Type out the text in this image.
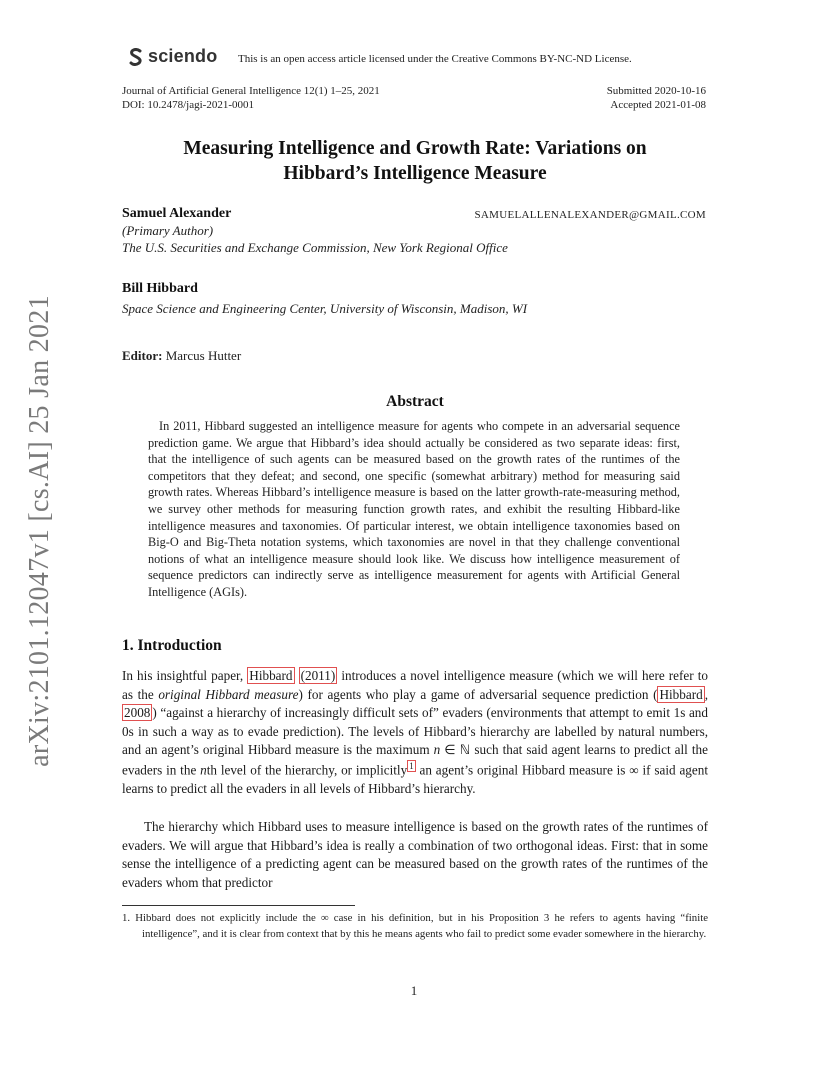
arXiv:2101.12047v1 [cs.AI] 25 Jan 2021
sciendo This is an open access article licensed under the Creative Commons BY-NC-ND License.
Journal of Artificial General Intelligence 12(1) 1–25, 2021
DOI: 10.2478/jagi-2021-0001
Submitted 2020-10-16
Accepted 2021-01-08
Measuring Intelligence and Growth Rate: Variations on
Hibbard’s Intelligence Measure
Samuel Alexander	SAMUELALLENALEXANDER@GMAIL.COM
(Primary Author)
The U.S. Securities and Exchange Commission, New York Regional Office
Bill Hibbard
Space Science and Engineering Center, University of Wisconsin, Madison, WI
Editor: Marcus Hutter
Abstract

In 2011, Hibbard suggested an intelligence measure for agents who compete in an adversarial sequence prediction game. We argue that Hibbard’s idea should actually be considered as two separate ideas: first, that the intelligence of such agents can be measured based on the growth rates of the runtimes of the competitors that they defeat; and second, one specific (somewhat arbitrary) method for measuring said growth rates. Whereas Hibbard’s intelligence measure is based on the latter growth-rate-measuring method, we survey other methods for measuring function growth rates, and exhibit the resulting Hibbard-like intelligence measures and taxonomies. Of particular interest, we obtain intelligence taxonomies based on Big-O and Big-Theta notation systems, which taxonomies are novel in that they challenge conventional notions of what an intelligence measure should look like. We discuss how intelligence measurement of sequence predictors can indirectly serve as intelligence measurement for agents with Artificial General Intelligence (AGIs).

1. Introduction

In his insightful paper, Hibbard (2011) introduces a novel intelligence measure (which we will here refer to as the original Hibbard measure) for agents who play a game of adversarial sequence prediction ( Hibbard , 2008 ) “against a hierarchy of increasingly difficult sets of” evaders (environments that attempt to emit 1s and 0s in such a way as to evade prediction). The levels of Hibbard’s hierarchy are labelled by natural numbers, and an agent’s original Hibbard measure is the maximum n ∈ ℕ such that said agent learns to predict all the evaders in the nth level of the hierarchy, or implicitly 1 an agent’s original Hibbard measure is ∞ if said agent learns to predict all the evaders in all levels of Hibbard’s hierarchy.

The hierarchy which Hibbard uses to measure intelligence is based on the growth rates of the runtimes of evaders. We will argue that Hibbard’s idea is really a combination of two orthogonal ideas. First: that in some sense the intelligence of a predicting agent can be measured based on the growth rates of the runtimes of the evaders whom that predictor

1. Hibbard does not explicitly include the ∞ case in his definition, but in his Proposition 3 he refers to agents having “finite intelligence”, and it is clear from context that by this he means agents who fail to predict some evader somewhere in the hierarchy.

1
